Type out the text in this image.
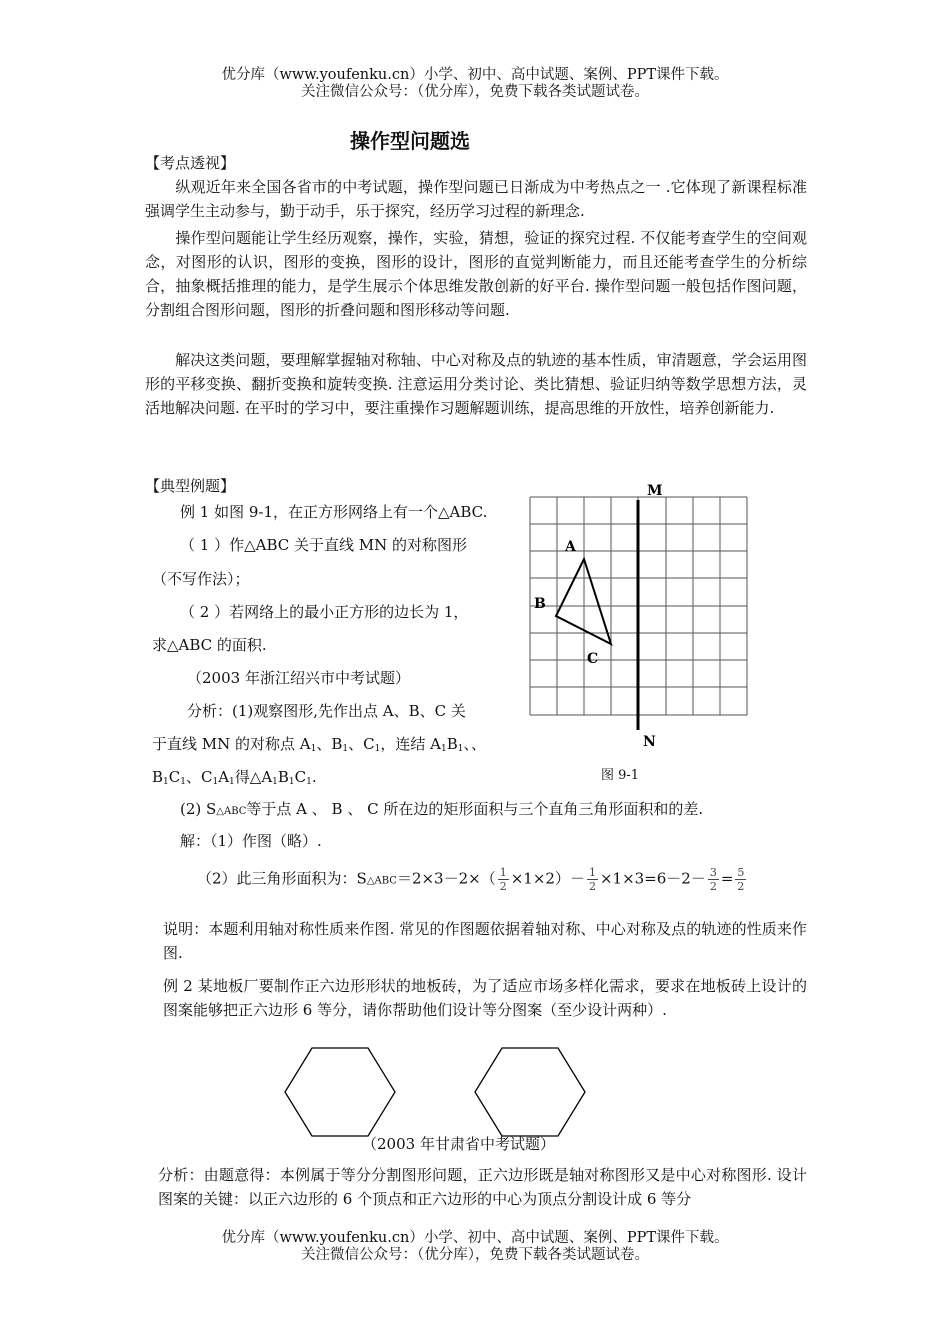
优分库（www.youfenku.cn）小学、初中、高中试题、案例、PPT课件下载。
关注微信公众号：（优分库），免费下载各类试题试卷。
操作型问题选
【考点透视】
　　纵观近年来全国各省市的中考试题，操作型问题已日渐成为中考热点之一 .它体现了新课程标准强调学生主动参与，勤于动手，乐于探究，经历学习过程的新理念.
　　操作型问题能让学生经历观察，操作，实验，猜想，验证的探究过程. 不仅能考查学生的空间观念，对图形的认识，图形的变换，图形的设计，图形的直觉判断能力，而且还能考查学生的分析综合，抽象概括推理的能力，是学生展示个体思维发散创新的好平台. 操作型问题一般包括作图问题，分割组合图形问题，图形的折叠问题和图形移动等问题.
　　解决这类问题，要理解掌握轴对称轴、中心对称及点的轨迹的基本性质，审清题意，学会运用图形的平移变换、翻折变换和旋转变换. 注意运用分类讨论、类比猜想、验证归纳等数学思想方法，灵活地解决问题. 在平时的学习中，要注重操作习题解题训练，提高思维的开放性，培养创新能力.
【典型例题】
例 1 如图 9-1，在正方形网络上有一个△ABC.
（ 1 ）作△ABC 关于直线 MN 的对称图形
（不写作法）；
（ 2 ）若网络上的最小正方形的边长为 1，
求△ABC 的面积.
（2003 年浙江绍兴市中考试题）
分析：(1)观察图形,先作出点 A、B、C 关
于直线 MN 的对称点 $A_1$、$B_1$、$C_1$，连结 $A_1B_1$、、
$B_1C_1$、$C_1A_1$得$\triangle A_1B_1C_1$.
(2) S△ABC等于点 A 、 B 、 C 所在边的矩形面积与三个直角三角形面积和的差.
解：（1）作图（略）.
（2）此三角形面积为：S△ABC＝2×3－2×（ $\frac{1}{2} \times 1\times 2)- \frac{1}{2} \times 1\times 3=6-2- \frac{3}{2} = \frac{5}{2}$
说明：本题利用轴对称性质来作图. 常见的作图题依据着轴对称、中心对称及点的轨迹的性质来作图.
例 2 某地板厂要制作正六边形形状的地板砖，为了适应市场多样化需求，要求在地板砖上设计的图案能够把正六边形 6 等分，请你帮助他们设计等分图案（至少设计两种）.
（2003 年甘肃省中考试题）
分析：由题意得：本例属于等分分割图形问题，正六边形既是轴对称图形又是中心对称图形. 设计图案的关键：以正六边形的 6 个顶点和正六边形的中心为顶点分割设计成 6 等分
M
N
A
B
C
图 9-1
优分库（www.youfenku.cn）小学、初中、高中试题、案例、PPT课件下载。
关注微信公众号：（优分库），免费下载各类试题试卷。
